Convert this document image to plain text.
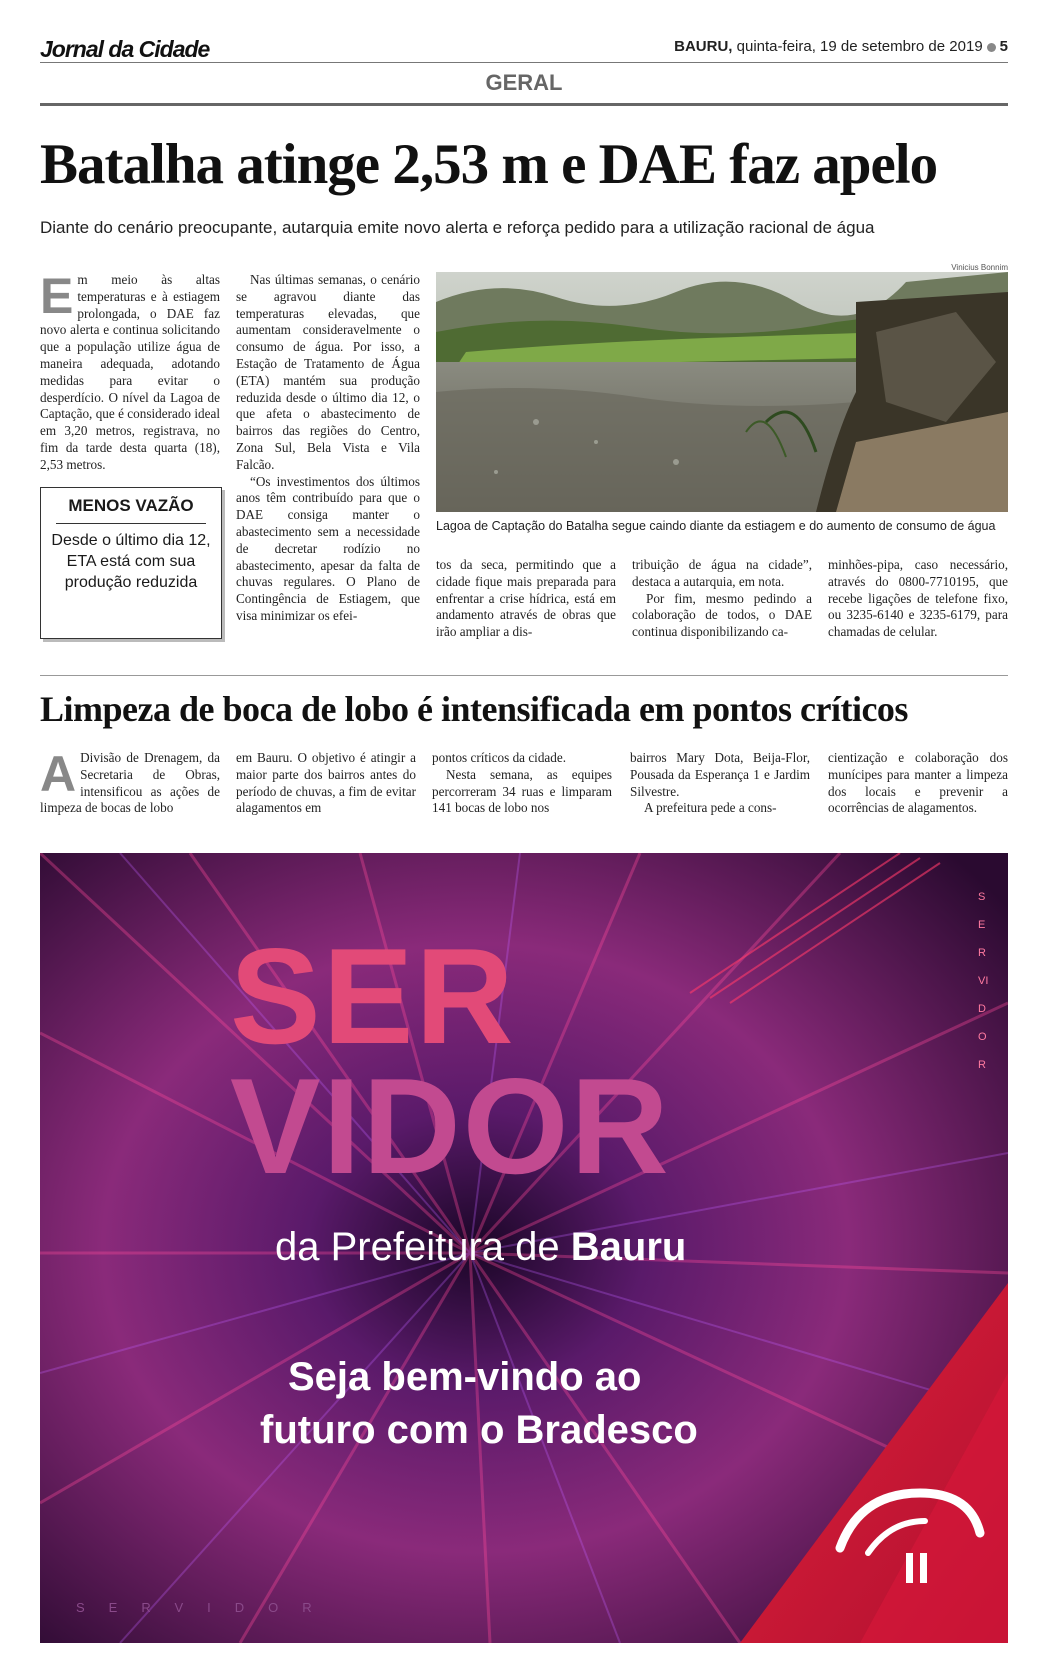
Jornal da Cidade	BAURU, quinta-feira, 19 de setembro de 2019 5
GERAL
Batalha atinge 2,53 m e DAE faz apelo
Diante do cenário preocupante, autarquia emite novo alerta e reforça pedido para a utilização racional de água

Em meio às altas temperaturas e à estiagem prolongada, o DAE faz novo alerta e continua solicitando que a população utilize água de maneira adequada, adotando medidas para evitar o desperdício. O nível da Lagoa de Captação, que é considerado ideal em 3,20 metros, registrava, no fim da tarde desta quarta (18), 2,53 metros.

MENOS VAZÃO
Desde o último dia 12, ETA está com sua produção reduzida

Nas últimas semanas, o cenário se agravou diante das temperaturas elevadas, que aumentam consideravelmente o consumo de água. Por isso, a Estação de Tratamento de Água (ETA) mantém sua produção reduzida desde o último dia 12, o que afeta o abastecimento de bairros das regiões do Centro, Zona Sul, Bela Vista e Vila Falcão.

“Os investimentos dos últimos anos têm contribuído para que o DAE consiga manter o abastecimento sem a necessidade de decretar rodízio no abastecimento, apesar da falta de chuvas regulares. O Plano de Contingência de Estiagem, que visa minimizar os efei-

Vinicius Bonnim
Lagoa de Captação do Batalha segue caindo diante da estiagem e do aumento de consumo de água

tos da seca, permitindo que a cidade fique mais preparada para enfrentar a crise hídrica, está em andamento através de obras que irão ampliar a dis-

tribuição de água na cidade”, destaca a autarquia, em nota.

Por fim, mesmo pedindo a colaboração de todos, o DAE continua disponibilizando ca-

minhões-pipa, caso necessário, através do 0800-7710195, que recebe ligações de telefone fixo, ou 3235-6140 e 3235-6179, para chamadas de celular.

Limpeza de boca de lobo é intensificada em pontos críticos

A Divisão de Drenagem, da Secretaria de Obras, intensificou as ações de limpeza de bocas de lobo

em Bauru. O objetivo é atingir a maior parte dos bairros antes do período de chuvas, a fim de evitar alagamentos em

pontos críticos da cidade.

Nesta semana, as equipes percorreram 34 ruas e limparam 141 bocas de lobo nos

bairros Mary Dota, Beija-Flor, Pousada da Esperança 1 e Jardim Silvestre.

A prefeitura pede a cons-

cientização e colaboração dos munícipes para manter a limpeza dos locais e prevenir a ocorrências de alagamentos.

SER
VIDOR
da Prefeitura de Bauru
Seja bem-vindo ao
futuro com o Bradesco
SERVIDOR
SERVIDOR
